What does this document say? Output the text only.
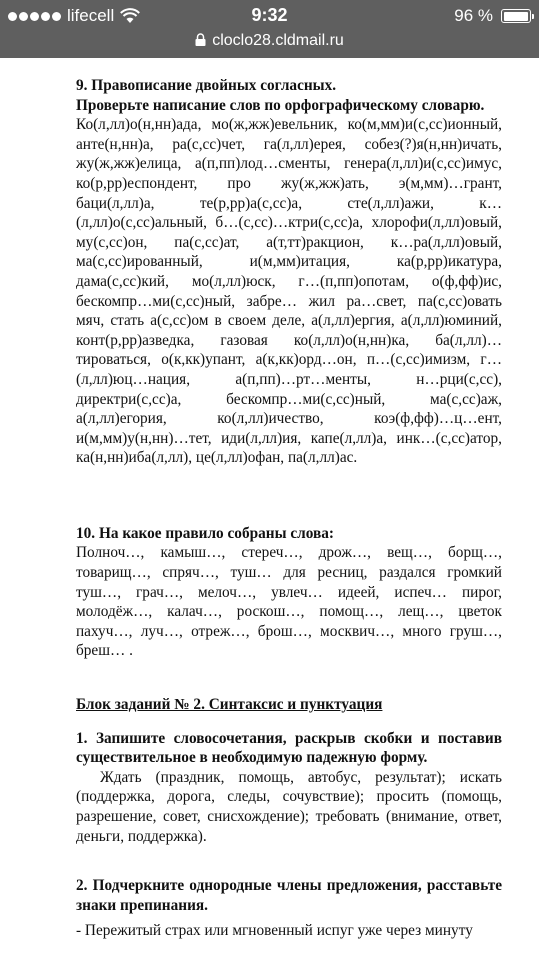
lifecell	9:32	96 %
cloclo28.cldmail.ru

9. Правописание двойных согласных.

Проверьте написание слов по орфографическому словарю.

Ко(л,лл)о(н,нн)ада, мо(ж,жж)евельник, ко(м,мм)и(с,сс)ионный, анте(н,нн)а, ра(с,сс)чет, га(л,лл)ерея, собез(?)я(н,нн)ичать, жу(ж,жж)елица, а(п,пп)лод…сменты, генера(л,лл)и(с,сс)имус, ко(р,рр)еспондент, про жу(ж,жж)ать, э(м,мм)…грант, баци(л,лл)а, те(р,рр)а(с,сс)а, сте(л,лл)ажи, к…(л,лл)о(с,сс)альный, б…(с,сс)…ктри(с,сс)а, хлорофи(л,лл)овый, му(с,сс)он, па(с,сс)ат, а(т,тт)ракцион, к…ра(л,лл)овый, ма(с,сс)ированный, и(м,мм)итация, ка(р,рр)икатура, дама(с,сс)кий, мо(л,лл)юск, г…(п,пп)опотам, о(ф,фф)ис, бескомпр…ми(с,сс)ный, забре… жил ра…свет, па(с,сс)овать мяч, стать а(с,сс)ом в своем деле, а(л,лл)ергия, а(л,лл)юминий, конт(р,рр)азведка, газовая ко(л,лл)о(н,нн)ка, ба(л,лл)…тироваться, о(к,кк)упант, а(к,кк)орд…он, п…(с,сс)имизм, г…(л,лл)юц…нация, а(п,пп)…рт…менты, н…рци(с,сс), директри(с,сс)а, бескомпр…ми(с,сс)ный, ма(с,сс)аж, а(л,лл)егория, ко(л,лл)ичество, коэ(ф,фф)…ц…ент, и(м,мм)у(н,нн)…тет, иди(л,лл)ия, капе(л,лл)а, инк…(с,сс)атор, ка(н,нн)иба(л,лл), це(л,лл)офан, па(л,лл)ас.

10. На какое правило собраны слова:

Полноч…, камыш…, стереч…, дрож…, вещ…, борщ…, товарищ…, спряч…, туш… для ресниц, раздался громкий туш…, грач…, мелоч…, увлеч… идеей, испеч… пирог, молодёж…, калач…, роскош…, помощ…, лещ…, цветок пахуч…, луч…, отреж…, брош…, москвич…, много груш…, бреш… .

Блок заданий № 2. Синтаксис и пунктуация

1. Запишите словосочетания, раскрыв скобки и поставив существительное в необходимую падежную форму.

Ждать (праздник, помощь, автобус, результат); искать (поддержка, дорога, следы, сочувствие); просить (помощь, разрешение, совет, снисхождение); требовать (внимание, ответ, деньги, поддержка).

2. Подчеркните однородные члены предложения, расставьте знаки препинания.

- Пережитый страх или мгновенный испуг уже через минуту
